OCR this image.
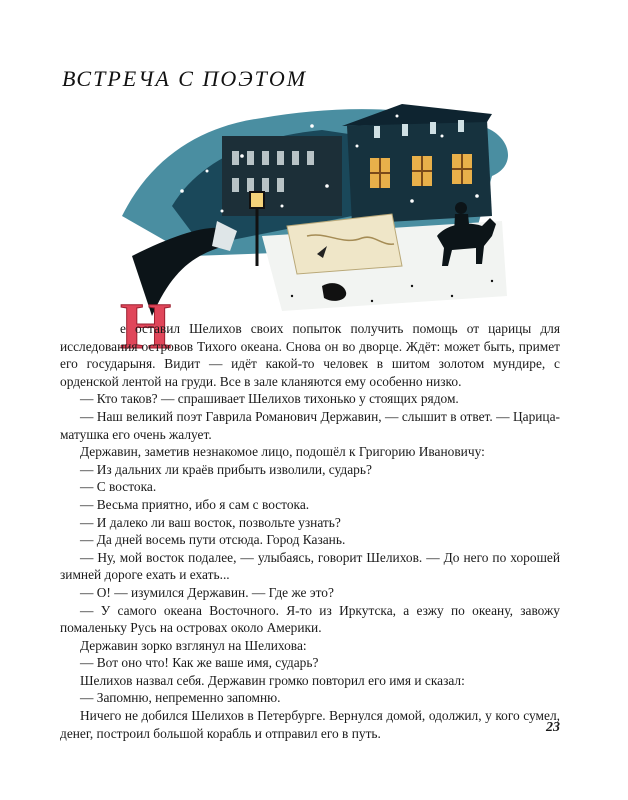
ВСТРЕЧА С ПОЭТОМ
Н

е оставил Шелихов своих попыток получить помощь от царицы для исследования островов Тихого океана. Снова он во дворце. Ждёт: может быть, примет его государыня. Видит — идёт какой-то человек в шитом золотом мундире, с орденской лентой на груди. Все в зале кланяются ему особенно низко.

— Кто таков? — спрашивает Шелихов тихонько у стоящих рядом.

— Наш великий поэт Гаврила Романович Державин, — слышит в ответ. — Царица-матушка его очень жалует.

Державин, заметив незнакомое лицо, подошёл к Григорию Ивановичу:

— Из дальних ли краёв прибыть изволили, сударь?

— С востока.

— Весьма приятно, ибо я сам с востока.

— И далеко ли ваш восток, позвольте узнать?

— Да дней восемь пути отсюда. Город Казань.

— Ну, мой восток подалее, — улыбаясь, говорит Шелихов. — До него по хорошей зимней дороге ехать и ехать...

— О! — изумился Державин. — Где же это?

— У самого океана Восточного. Я-то из Иркутска, а езжу по океану, завожу помаленьку Русь на островах около Америки.

Державин зорко взглянул на Шелихова:

— Вот оно что! Как же ваше имя, сударь?

Шелихов назвал себя. Державин громко повторил его имя и сказал:

— Запомню, непременно запомню.

Ничего не добился Шелихов в Петербурге. Вернулся домой, одолжил, у кого сумел, денег, построил большой корабль и отправил его в путь.	23
